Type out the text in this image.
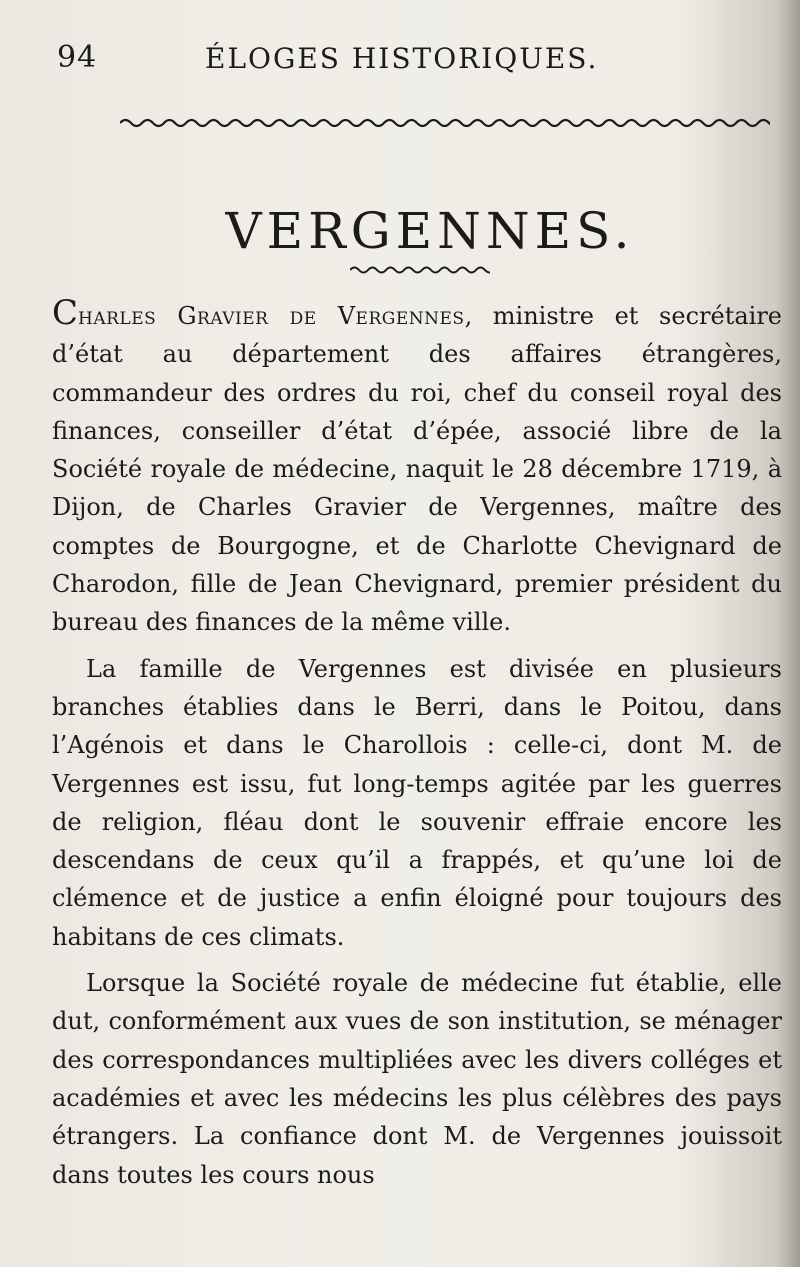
94	ÉLOGES HISTORIQUES.
VERGENNES.

Charles Gravier de Vergennes, ministre et secrétaire d’état au département des affaires étrangères, commandeur des ordres du roi, chef du conseil royal des finances, conseiller d’état d’épée, associé libre de la Société royale de médecine, naquit le 28 décembre 1719, à Dijon, de Charles Gravier de Vergennes, maître des comptes de Bourgogne, et de Charlotte Chevignard de Charodon, fille de Jean Chevignard, premier président du bureau des finances de la même ville.

La famille de Vergennes est divisée en plusieurs branches établies dans le Berri, dans le Poitou, dans l’Agénois et dans le Charollois : celle-ci, dont M. de Vergennes est issu, fut long-temps agitée par les guerres de religion, fléau dont le souvenir effraie encore les descendans de ceux qu’il a frappés, et qu’une loi de clémence et de justice a enfin éloigné pour toujours des habitans de ces climats.

Lorsque la Société royale de médecine fut établie, elle dut, conformément aux vues de son institution, se ménager des correspondances multipliées avec les divers colléges et académies et avec les médecins les plus célèbres des pays étrangers. La confiance dont M. de Vergennes jouissoit dans toutes les cours nous
